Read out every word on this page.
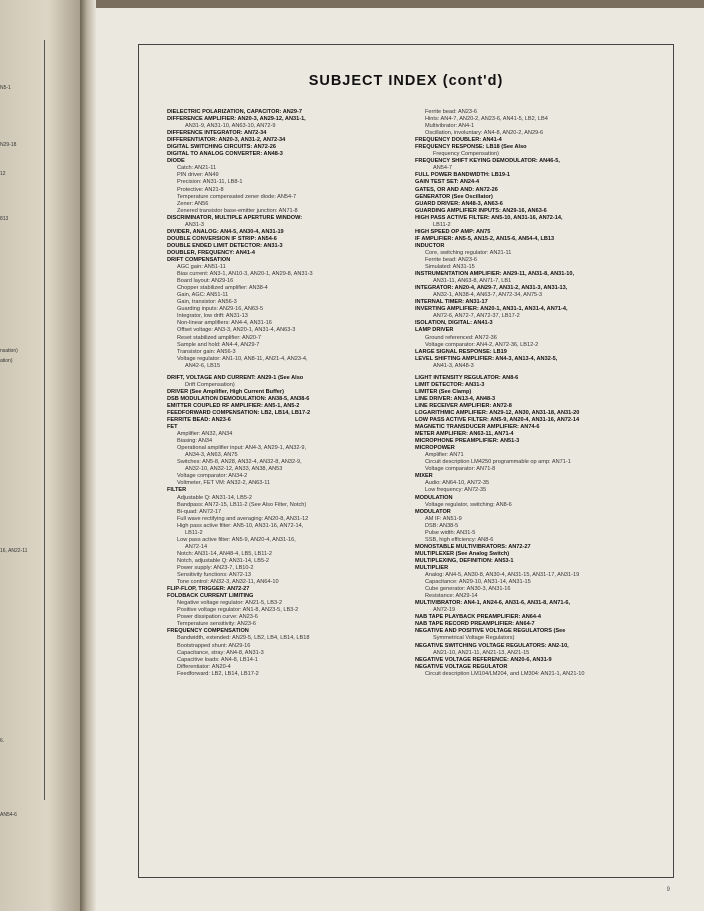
N5-1
N29-18
12
813
nsation)
ation)
16, AN22-11
6.
AN54-6
SUBJECT INDEX (cont'd)
DIELECTRIC POLARIZATION, CAPACITOR: AN29-7
DIFFERENCE AMPLIFIER: AN20-3, AN29-12, AN31-1,
AN31-9, AN31-10, AN63-10, AN72-9
DIFFERENCE INTEGRATOR: AN72-34
DIFFERENTIATOR: AN20-3, AN31-2, AN72-34
DIGITAL SWITCHING CIRCUITS: AN72-26
DIGITAL TO ANALOG CONVERTER: AN48-3
DIODE
Catch: AN21-11
PIN driver: AN49
Precision: AN31-11, LB8-1
Protective: AN21-8
Temperature compensated zener diode: AN54-7
Zener: AN56
Zenered transistor base-emitter junction: AN71-8
DISCRIMINATOR, MULTIPLE APERTURE WINDOW:
AN31-3
DIVIDER, ANALOG: AN4-5, AN30-4, AN31-19
DOUBLE CONVERSION IF STRIP: AN54-6
DOUBLE ENDED LIMIT DETECTOR: AN31-3
DOUBLER, FREQUENCY: AN41-4
DRIFT COMPENSATION
AGC gain: AN51-11
Bias current: AN3-1, AN10-3, AN20-1, AN29-8, AN31-3
Board layout: AN29-16
Chopper stabilized amplifier: AN38-4
Gain, AGC: AN51-11
Gain, transistor: AN56-3
Guarding inputs: AN29-16, AN63-5
Integrator, low drift: AN31-13
Non-linear amplifiers: AN4-4, AN31-16
Offset voltage: AN3-3, AN20-1, AN31-4, AN63-3
Reset stabilized amplifier: AN20-7
Sample and hold: AN4-4, AN29-7
Transistor gain: AN56-3
Voltage regulator: AN1-10, AN8-11, AN21-4, AN23-4,
AN42-6, LB15
DRIFT, VOLTAGE AND CURRENT: AN29-1 (See Also
Drift Compensation)
DRIVER (See Amplifier, High Current Buffer)
DSB MODULATION DEMODULATION: AN38-5, AN38-6
EMITTER COUPLED RF AMPLIFIER: AN5-1, AN5-2
FEEDFORWARD COMPENSATION: LB2, LB14, LB17-2
FERRITE BEAD: AN23-6
FET
Amplifier: AN32, AN34
Biasing: AN34
Operational amplifier input: AN4-3, AN29-1, AN32-9,
AN34-3, AN63, AN75
Switches: AN5-8, AN28, AN32-4, AN32-8, AN32-9,
AN32-10, AN32-12, AN33, AN38, AN53
Voltage comparator: AN34-2
Voltmeter, FET VM: AN32-2, AN63-11
FILTER
Adjustable Q: AN31-14, LB5-2
Bandpass: AN72-15, LB11-2 (See Also Filter, Notch)
Bi-quad: AN72-17
Full wave rectifying and averaging: AN20-8, AN31-12
High pass active filter: AN5-10, AN31-16, AN72-14,
LB11-2
Low pass active filter: AN5-9, AN20-4, AN31-16,
AN72-14
Notch: AN31-14, AN48-4, LB5, LB11-2
Notch, adjustable Q: AN31-14, LB5-2
Power supply: AN23-7, LB10-2
Sensitivity functions: AN72-13
Tone control: AN32-3, AN32-11, AN64-10
FLIP-FLOP, TRIGGER: AN72-27
FOLDBACK CURRENT LIMITING
Negative voltage regulator: AN21-5, LB3-2
Positive voltage regulator: AN1-8, AN23-5, LB3-2
Power dissipation curve: AN23-6
Temperature sensitivity: AN23-6
FREQUENCY COMPENSATION
Bandwidth, extended: AN29-5, LB2, LB4, LB14, LB18
Bootstrapped shunt: AN29-16
Capacitance, stray: AN4-8, AN31-3
Capacitive loads: AN4-8, LB14-1
Differentiator: AN20-4
Feedforward: LB2, LB14, LB17-2
Ferrite bead: AN23-6
Hints: AN4-7, AN20-2, AN23-6, AN41-5, LB2, LB4
Multivibrator: AN4-1
Oscillation, involuntary: AN4-8, AN20-2, AN29-6
FREQUENCY DOUBLER: AN41-4
FREQUENCY RESPONSE: LB18 (See Also
Frequency Compensation)
FREQUENCY SHIFT KEYING DEMODULATOR: AN46-5,
AN54-7
FULL POWER BANDWIDTH: LB19-1
GAIN TEST SET: AN24-4
GATES, OR AND AND: AN72-26
GENERATOR (See Oscillator)
GUARD DRIVER: AN48-3, AN63-6
GUARDING AMPLIFIER INPUTS: AN29-16, AN63-6
HIGH PASS ACTIVE FILTER: AN5-10, AN31-16, AN72-14,
LB11-2
HIGH SPEED OP AMP: AN75
IF AMPLIFIER: AN5-5, AN15-2, AN15-6, AN54-4, LB13
INDUCTOR
Core, switching regulator: AN21-11
Ferrite bead: AN23-6
Simulated: AN31-15
INSTRUMENTATION AMPLIFIER: AN29-11, AN31-8, AN31-10,
AN31-11, AN63-8, AN71-7, LB1
INTEGRATOR: AN20-4, AN29-7, AN31-2, AN31-3, AN31-13,
AN32-1, AN38-4, AN63-7, AN72-34, AN75-3
INTERNAL TIMER: AN31-17
INVERTING AMPLIFIER: AN20-1, AN31-1, AN31-4, AN71-4,
AN72-6, AN72-7, AN72-37, LB17-2
ISOLATION, DIGITAL: AN41-3
LAMP DRIVER
Ground referenced: AN72-36
Voltage comparator: AN4-2, AN72-36, LB12-2
LARGE SIGNAL RESPONSE: LB19
LEVEL SHIFTING AMPLIFIER: AN4-3, AN13-4, AN32-5,
AN41-3, AN48-3
LIGHT INTENSITY REGULATOR: AN8-6
LIMIT DETECTOR: AN31-3
LIMITER (See Clamp)
LINE DRIVER: AN13-4, AN48-3
LINE RECEIVER AMPLIFIER: AN72-8
LOGARITHMIC AMPLIFIER: AN29-12, AN30, AN31-18, AN31-20
LOW PASS ACTIVE FILTER: AN5-9, AN20-4, AN31-16, AN72-14
MAGNETIC TRANSDUCER AMPLIFIER: AN74-6
METER AMPLIFIER: AN63-11, AN71-4
MICROPHONE PREAMPLIFIER: AN51-3
MICROPOWER
Amplifier: AN71
Circuit description LM4250 programmable op amp: AN71-1
Voltage comparator: AN71-8
MIXER
Audio: AN64-10, AN72-35
Low frequency: AN72-35
MODULATION
Voltage regulator, switching: AN8-6
MODULATOR
AM IF: AN51-9
DSB: AN38-5
Pulse width: AN31-5
SSB, high efficiency: AN8-6
MONOSTABLE MULTIVIBRATORS: AN72-27
MULTIPLEXER (See Analog Switch)
MULTIPLEXING, DEFINITION: AN53-1
MULTIPLIER
Analog: AN4-5, AN30-8, AN30-4, AN31-15, AN31-17, AN31-19
Capacitance: AN29-10, AN31-14, AN31-15
Cube generator: AN30-3, AN31-16
Resistance: AN29-14
MULTIVIBRATOR: AN4-1, AN24-6, AN31-6, AN31-8, AN71-6,
AN72-19
NAB TAPE PLAYBACK PREAMPLIFIER: AN64-4
NAB TAPE RECORD PREAMPLIFIER: AN64-7
NEGATIVE AND POSITIVE VOLTAGE REGULATORS (See
Symmetrical Voltage Regulators)
NEGATIVE SWITCHING VOLTAGE REGULATORS: AN2-10,
AN21-10, AN21-11, AN21-13, AN21-15
NEGATIVE VOLTAGE REFERENCE: AN20-6, AN31-9
NEGATIVE VOLTAGE REGULATOR
Circuit description LM104/LM204, and LM304: AN21-1, AN21-10
9
